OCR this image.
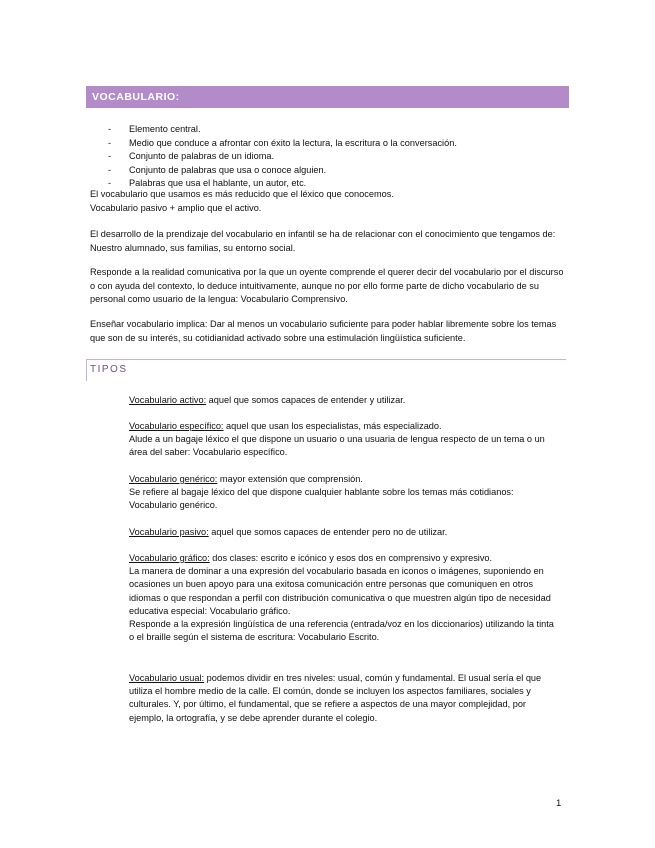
VOCABULARIO:
- Elemento central.
- Medio que conduce a afrontar con éxito la lectura, la escritura o la conversación.
- Conjunto de palabras de un idioma.
- Conjunto de palabras que usa o conoce alguien.
- Palabras que usa el hablante, un autor, etc.

El vocabulario que usamos es más reducido que el léxico que conocemos.

Vocabulario pasivo + amplio que el activo.

El desarrollo de la prendizaje del vocabulario en infantil se ha de relacionar con el conocimiento que tengamos de: Nuestro alumnado, sus familias, su entorno social.

Responde a la realidad comunicativa por la que un oyente comprende el querer decir del vocabulario por el discurso o con ayuda del contexto, lo deduce intuitivamente, aunque no por ello forme parte de dicho vocabulario de su personal como usuario de la lengua: Vocabulario Comprensivo.

Enseñar vocabulario implica: Dar al menos un vocabulario suficiente para poder hablar libremente sobre los temas que son de su interés, su cotidianidad activado sobre una estimulación lingüística suficiente.

TIPOS
Vocabulario activo: aquel que somos capaces de entender y utilizar.
Vocabulario específico: aquel que usan los especialistas, más especializado.
Alude a un bagaje léxico el que dispone un usuario o una usuaria de lengua respecto de un tema o un área del saber: Vocabulario específico.
Vocabulario genérico: mayor extensión que comprensión.
Se refiere al bagaje léxico del que dispone cualquier hablante sobre los temas más cotidianos: Vocabulario genérico.
Vocabulario pasivo: aquel que somos capaces de entender pero no de utilizar.
Vocabulario gráfico: dos clases: escrito e icónico y esos dos en comprensivo y expresivo.
La manera de dominar a una expresión del vocabulario basada en iconos o imágenes, suponiendo en ocasiones un buen apoyo para una exitosa comunicación entre personas que comuniquen en otros idiomas o que respondan a perfil con distribución comunicativa o que muestren algún tipo de necesidad educativa especial: Vocabulario gráfico.
Responde a la expresión lingüística de una referencia (entrada/voz en los diccionarios) utilizando la tinta o el braille según el sistema de escritura: Vocabulario Escrito.
Vocabulario usual: podemos dividir en tres niveles: usual, común y fundamental. El usual sería el que utiliza el hombre medio de la calle. El común, donde se incluyen los aspectos familiares, sociales y culturales. Y, por último, el fundamental, que se refiere a aspectos de una mayor complejidad, por ejemplo, la ortografía, y se debe aprender durante el colegio.
1
